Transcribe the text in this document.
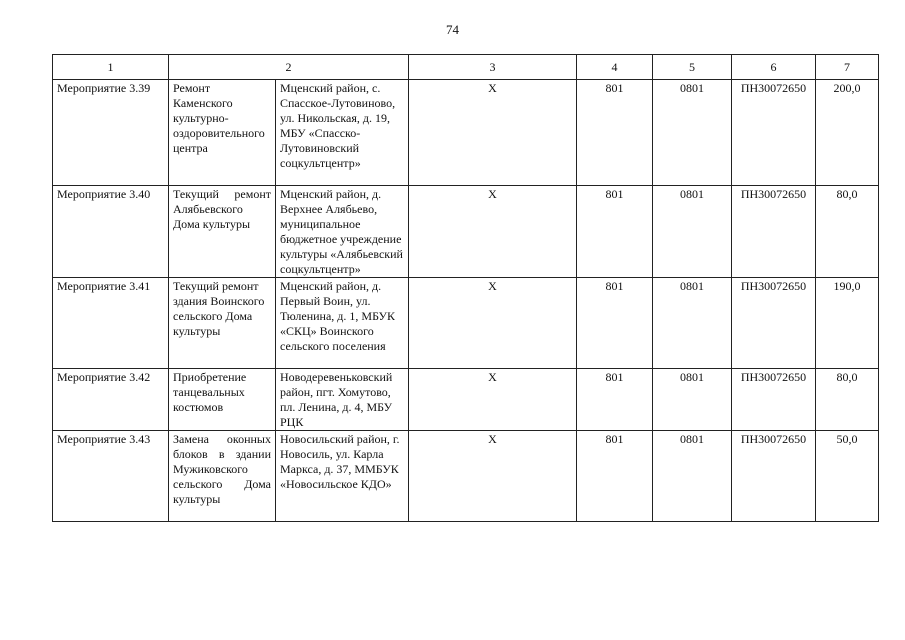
74
1	2		3	4	5	6	7
Мероприятие 3.39	Ремонт Каменского культурно-оздоровительного центра	Мценский район, с. Спасское-Лутовиново, ул. Никольская, д. 19, МБУ «Спасско-Лутовиновский соцкультцентр»	X	801	0801	ПН30072650	200,0
Мероприятие 3.40	Текущий ремонт Алябьевского Дома культуры	Мценский район, д. Верхнее Алябьево, муниципальное бюджетное учреждение культуры «Алябьевский соцкультцентр»	X	801	0801	ПН30072650	80,0
Мероприятие 3.41	Текущий ремонт здания Воинского сельского Дома культуры	Мценский район, д. Первый Воин, ул. Тюленина, д. 1, МБУК «СКЦ» Воинского сельского поселения	X	801	0801	ПН30072650	190,0
Мероприятие 3.42	Приобретение танцевальных костюмов	Новодеревеньковский район, пгт. Хомутово, пл. Ленина, д. 4, МБУ РЦК	X	801	0801	ПН30072650	80,0
Мероприятие 3.43	Замена оконных блоков в здании Мужиковского сельского Дома культуры	Новосильский район, г. Новосиль, ул. Карла Маркса, д. 37, ММБУК «Новосильское КДО»	X	801	0801	ПН30072650	50,0
